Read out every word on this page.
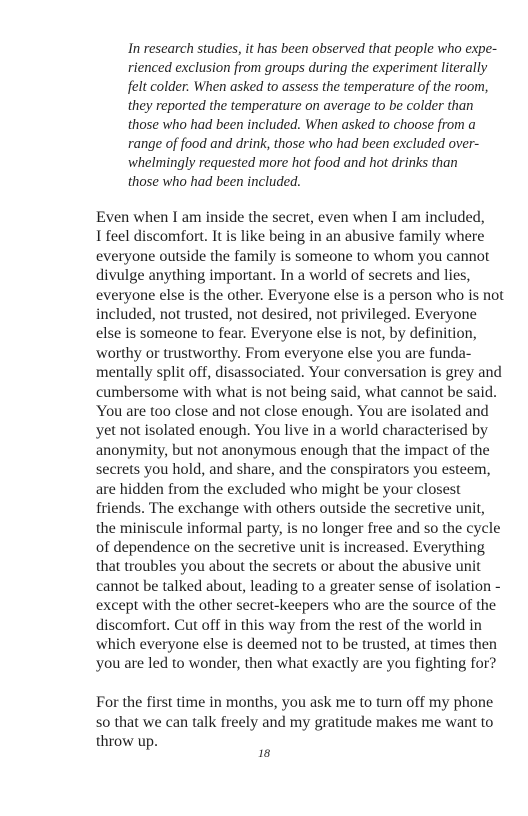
In research studies, it has been observed that people who expe-
rienced exclusion from groups during the experiment literally
felt colder. When asked to assess the temperature of the room,
they reported the temperature on average to be colder than
those who had been included. When asked to choose from a
range of food and drink, those who had been excluded over-
whelmingly requested more hot food and hot drinks than
those who had been included.
Even when I am inside the secret, even when I am included,
I feel discomfort. It is like being in an abusive family where
everyone outside the family is someone to whom you cannot
divulge anything important. In a world of secrets and lies,
everyone else is the other. Everyone else is a person who is not
included, not trusted, not desired, not privileged. Everyone
else is someone to fear. Everyone else is not, by definition,
worthy or trustworthy. From everyone else you are funda-
mentally split off, disassociated. Your conversation is grey and
cumbersome with what is not being said, what cannot be said.
You are too close and not close enough. You are isolated and
yet not isolated enough. You live in a world characterised by
anonymity, but not anonymous enough that the impact of the
secrets you hold, and share, and the conspirators you esteem,
are hidden from the excluded who might be your closest
friends. The exchange with others outside the secretive unit,
the miniscule informal party, is no longer free and so the cycle
of dependence on the secretive unit is increased. Everything
that troubles you about the secrets or about the abusive unit
cannot be talked about, leading to a greater sense of isolation -
except with the other secret-keepers who are the source of the
discomfort. Cut off in this way from the rest of the world in
which everyone else is deemed not to be trusted, at times then
you are led to wonder, then what exactly are you fighting for?
For the first time in months, you ask me to turn off my phone
so that we can talk freely and my gratitude makes me want to
throw up.
18
